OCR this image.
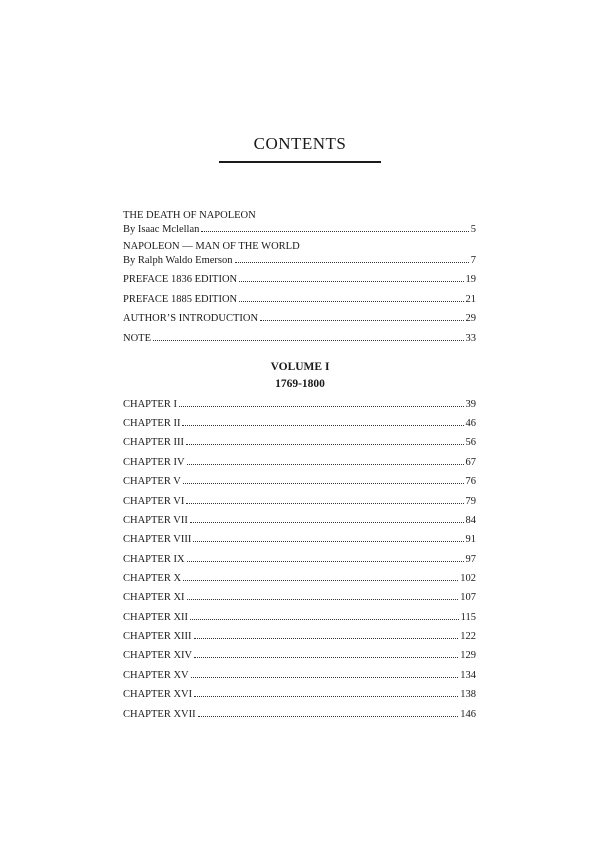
CONTENTS
THE DEATH OF NAPOLEON
By Isaac Mclellan	5
NAPOLEON — MAN OF THE WORLD
By Ralph Waldo Emerson	7
PREFACE 1836 EDITION	19
PREFACE 1885 EDITION	21
AUTHOR’S INTRODUCTION	29
NOTE	33
VOLUME I
1769-1800
CHAPTER I	39
CHAPTER II	46
CHAPTER III	56
CHAPTER IV	67
CHAPTER V	76
CHAPTER VI	79
CHAPTER VII	84
CHAPTER VIII	91
CHAPTER IX	97
CHAPTER X	102
CHAPTER XI	107
CHAPTER XII	115
CHAPTER XIII	122
CHAPTER XIV	129
CHAPTER XV	134
CHAPTER XVI	138
CHAPTER XVII	146
